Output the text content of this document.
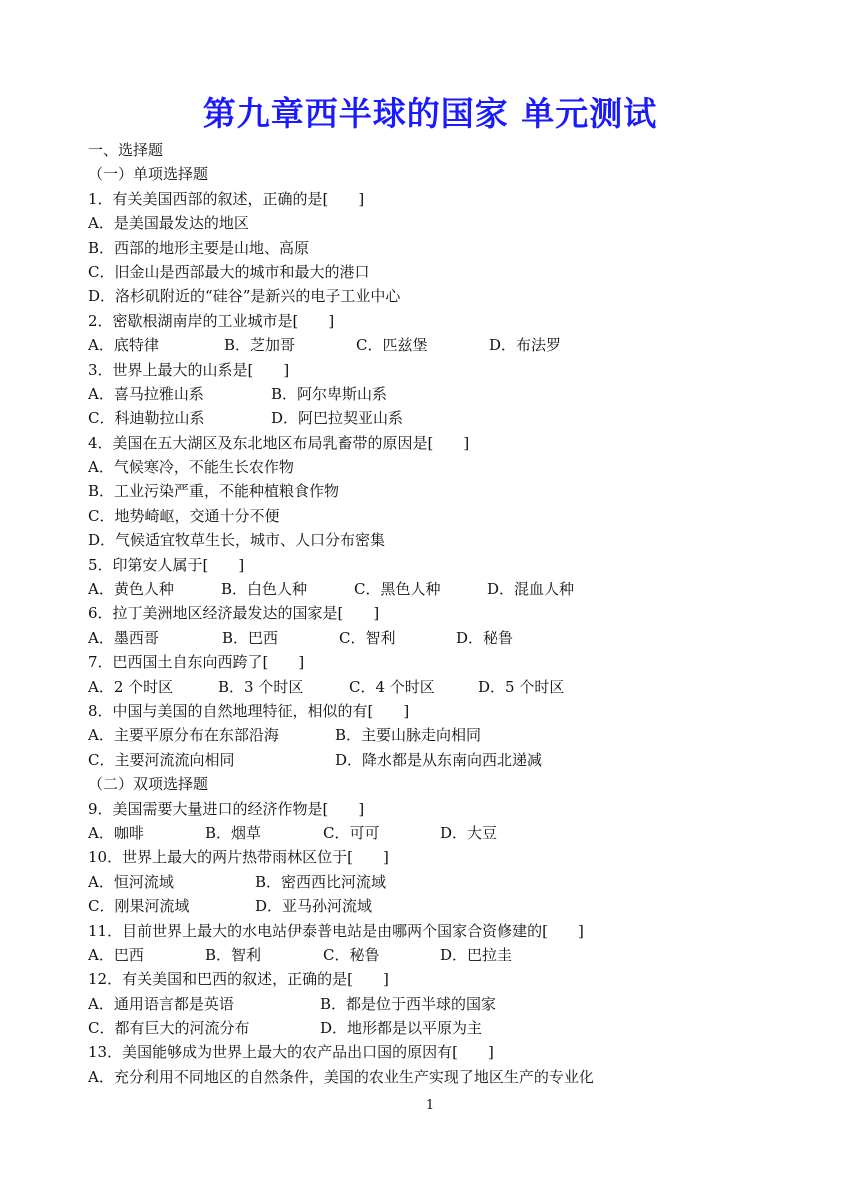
第九章西半球的国家 单元测试
一、选择题
（一）单项选择题
1．有关美国西部的叙述，正确的是[　　]
A．是美国最发达的地区
B．西部的地形主要是山地、高原
C．旧金山是西部最大的城市和最大的港口
D．洛杉矶附近的“硅谷”是新兴的电子工业中心
2．密歇根湖南岸的工业城市是[　　]
A．底特律	B．芝加哥	C．匹兹堡	D．布法罗
3．世界上最大的山系是[　　]
A．喜马拉雅山系	B．阿尔卑斯山系
C．科迪勒拉山系	D．阿巴拉契亚山系
4．美国在五大湖区及东北地区布局乳畜带的原因是[　　]
A．气候寒冷，不能生长农作物
B．工业污染严重，不能种植粮食作物
C．地势崎岖，交通十分不便
D．气候适宜牧草生长，城市、人口分布密集
5．印第安人属于[　　]
A．黄色人种	B．白色人种	C．黑色人种	D．混血人种
6．拉丁美洲地区经济最发达的国家是[　　]
A．墨西哥	B．巴西	C．智利	D．秘鲁
7．巴西国土自东向西跨了[　　]
A．2 个时区	B．3 个时区	C．4 个时区	D．5 个时区
8．中国与美国的自然地理特征，相似的有[　　]
A．主要平原分布在东部沿海	B．主要山脉走向相同
C．主要河流流向相同	D．降水都是从东南向西北递减
（二）双项选择题
9．美国需要大量进口的经济作物是[　　]
A．咖啡	B．烟草	C．可可	D．大豆
10．世界上最大的两片热带雨林区位于[　　]
A．恒河流域	B．密西西比河流域
C．刚果河流域	D．亚马孙河流域
11．目前世界上最大的水电站伊泰普电站是由哪两个国家合资修建的[　　]
A．巴西	B．智利	C．秘鲁	D．巴拉圭
12．有关美国和巴西的叙述，正确的是[　　]
A．通用语言都是英语	B．都是位于西半球的国家
C．都有巨大的河流分布	D．地形都是以平原为主
13．美国能够成为世界上最大的农产品出口国的原因有[　　]
A．充分利用不同地区的自然条件，美国的农业生产实现了地区生产的专业化
1
